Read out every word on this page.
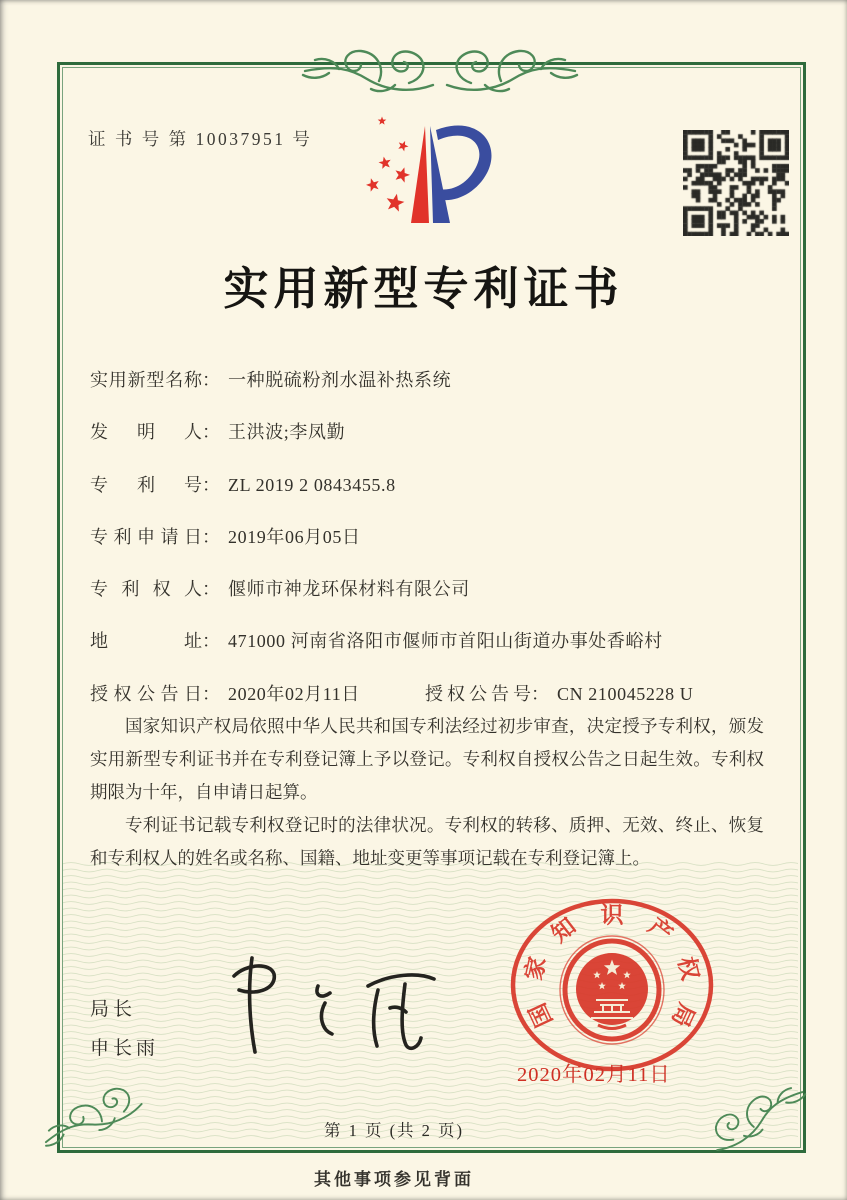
证 书 号 第 10037951 号
实用新型专利证书
实用新型名称： 一种脱硫粉剂水温补热系统
发明人： 王洪波;李凤勤
专利号： ZL 2019 2 0843455.8
专利申请日： 2019年06月05日
专利权人： 偃师市神龙环保材料有限公司
地址： 471000 河南省洛阳市偃师市首阳山街道办事处香峪村
授权公告日： 2020年02月11日	授权公告号： CN 210045228 U

国家知识产权局依照中华人民共和国专利法经过初步审查，决定授予专利权，颁发实用新型专利证书并在专利登记簿上予以登记。专利权自授权公告之日起生效。专利权期限为十年，自申请日起算。

专利证书记载专利权登记时的法律状况。专利权的转移、质押、无效、终止、恢复和专利权人的姓名或名称、国籍、地址变更等事项记载在专利登记簿上。

局长
申长雨
国
家
知 识 产
权
局
2020年02月11日
第 1 页 (共 2 页)
其他事项参见背面
